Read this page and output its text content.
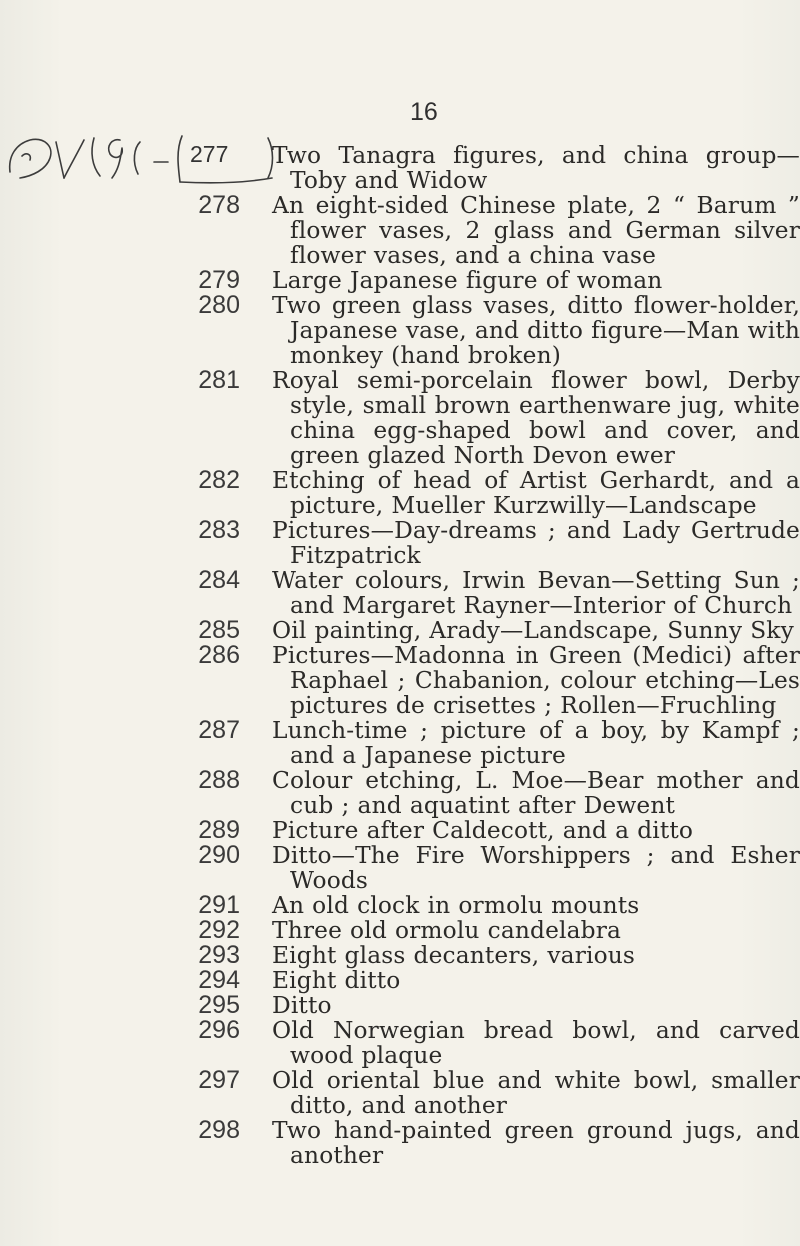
16
277 Two Tanagra figures, and china group—Toby and Widow
278 An eight-sided Chinese plate, 2 “ Barum ” flower vases, 2 glass and German silver flower vases, and a china vase
279 Large Japanese figure of woman
280 Two green glass vases, ditto flower-holder, Japanese vase, and ditto figure—Man with monkey (hand broken)
281 Royal semi-porcelain flower bowl, Derby style, small brown earthenware jug, white china egg-shaped bowl and cover, and green glazed North Devon ewer
282 Etching of head of Artist Gerhardt, and a picture, Mueller Kurzwilly—Landscape
283 Pictures—Day-dreams ; and Lady Gertrude Fitzpatrick
284 Water colours, Irwin Bevan—Setting Sun ; and Margaret Rayner—Interior of Church
285 Oil painting, Arady—Landscape, Sunny Sky
286 Pictures—Madonna in Green (Medici) after Raphael ; Chabanion, colour etching—Les pictures de crisettes ; Rollen—Fruchling
287 Lunch-time ; picture of a boy, by Kampf ; and a Japanese picture
288 Colour etching, L. Moe—Bear mother and cub ; and aquatint after Dewent
289 Picture after Caldecott, and a ditto
290 Ditto—The Fire Worshippers ; and Esher Woods
291 An old clock in ormolu mounts
292 Three old ormolu candelabra
293 Eight glass decanters, various
294 Eight ditto
295 Ditto
296 Old Norwegian bread bowl, and carved wood plaque
297 Old oriental blue and white bowl, smaller ditto, and another
298 Two hand-painted green ground jugs, and another
